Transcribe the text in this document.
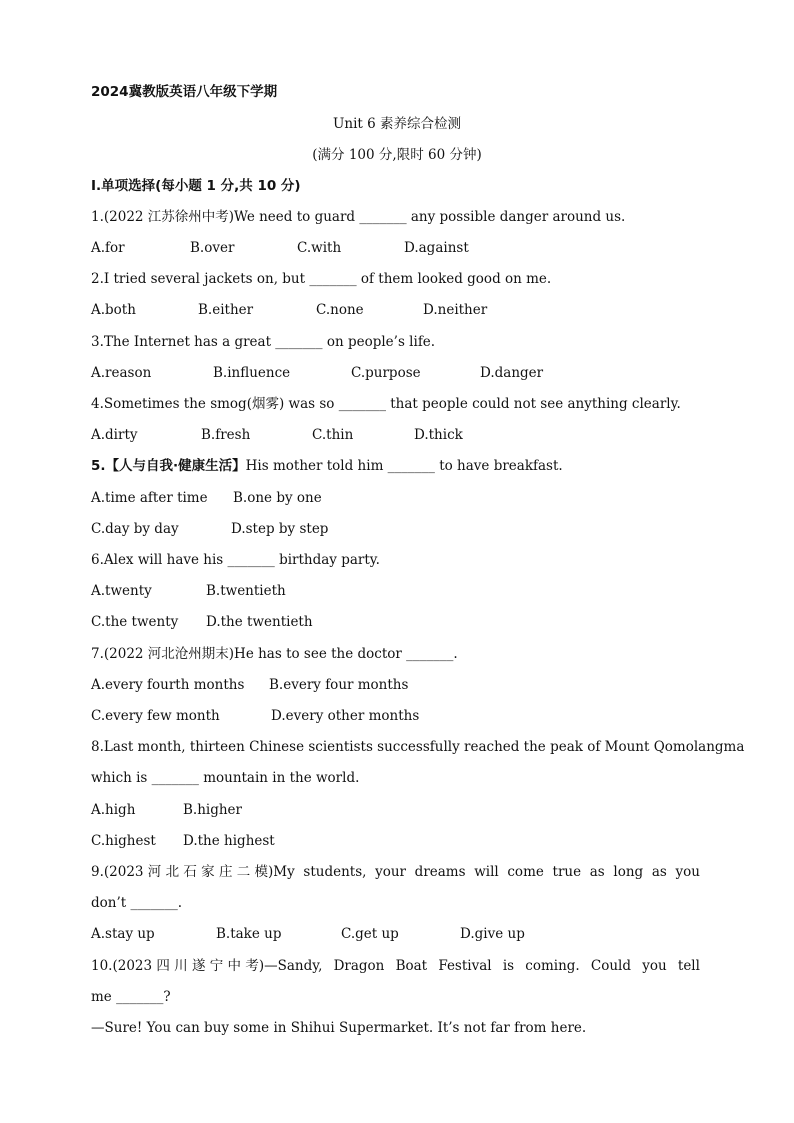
2024冀教版英语八年级下学期
Unit 6 素养综合检测
(满分 100 分,限时 60 分钟)
Ⅰ.单项选择(每小题 1 分,共 10 分)
1.(2022 江苏徐州中考)We need to guard _______ any possible danger around us.
A.for	B.over	C.with	D.against
2.I tried several jackets on, but _______ of them looked good on me.
A.both	B.either	C.none	D.neither
3.The Internet has a great _______ on people’s life.
A.reason	B.influence	C.purpose	D.danger
4.Sometimes the smog(烟雾) was so _______ that people could not see anything clearly.
A.dirty	B.fresh	C.thin	D.thick
5.【人与自我·健康生活】His mother told him _______ to have breakfast.
A.time after time B.one by one
C.day by day	D.step by step
6.Alex will have his _______ birthday party.
A.twenty	B.twentieth
C.the twenty D.the twentieth
7.(2022 河北沧州期末)He has to see the doctor _______.
A.every fourth months B.every four months
C.every few month	D.every other months
8.Last month, thirteen Chinese scientists successfully reached the peak of Mount Qomolangma
which is _______ mountain in the world.
A.high	B.higher
C.highest D.the highest
9.(2023 河 北 石 家 庄 二 模)My students, your dreams will come true as long as you
don’t _______.
A.stay up	B.take up	C.get up	D.give up
10.(2023 四 川 遂 宁 中 考)—Sandy, Dragon Boat Festival is coming. Could you tell
me _______?
—Sure! You can buy some in Shihui Supermarket. It’s not far from here.
